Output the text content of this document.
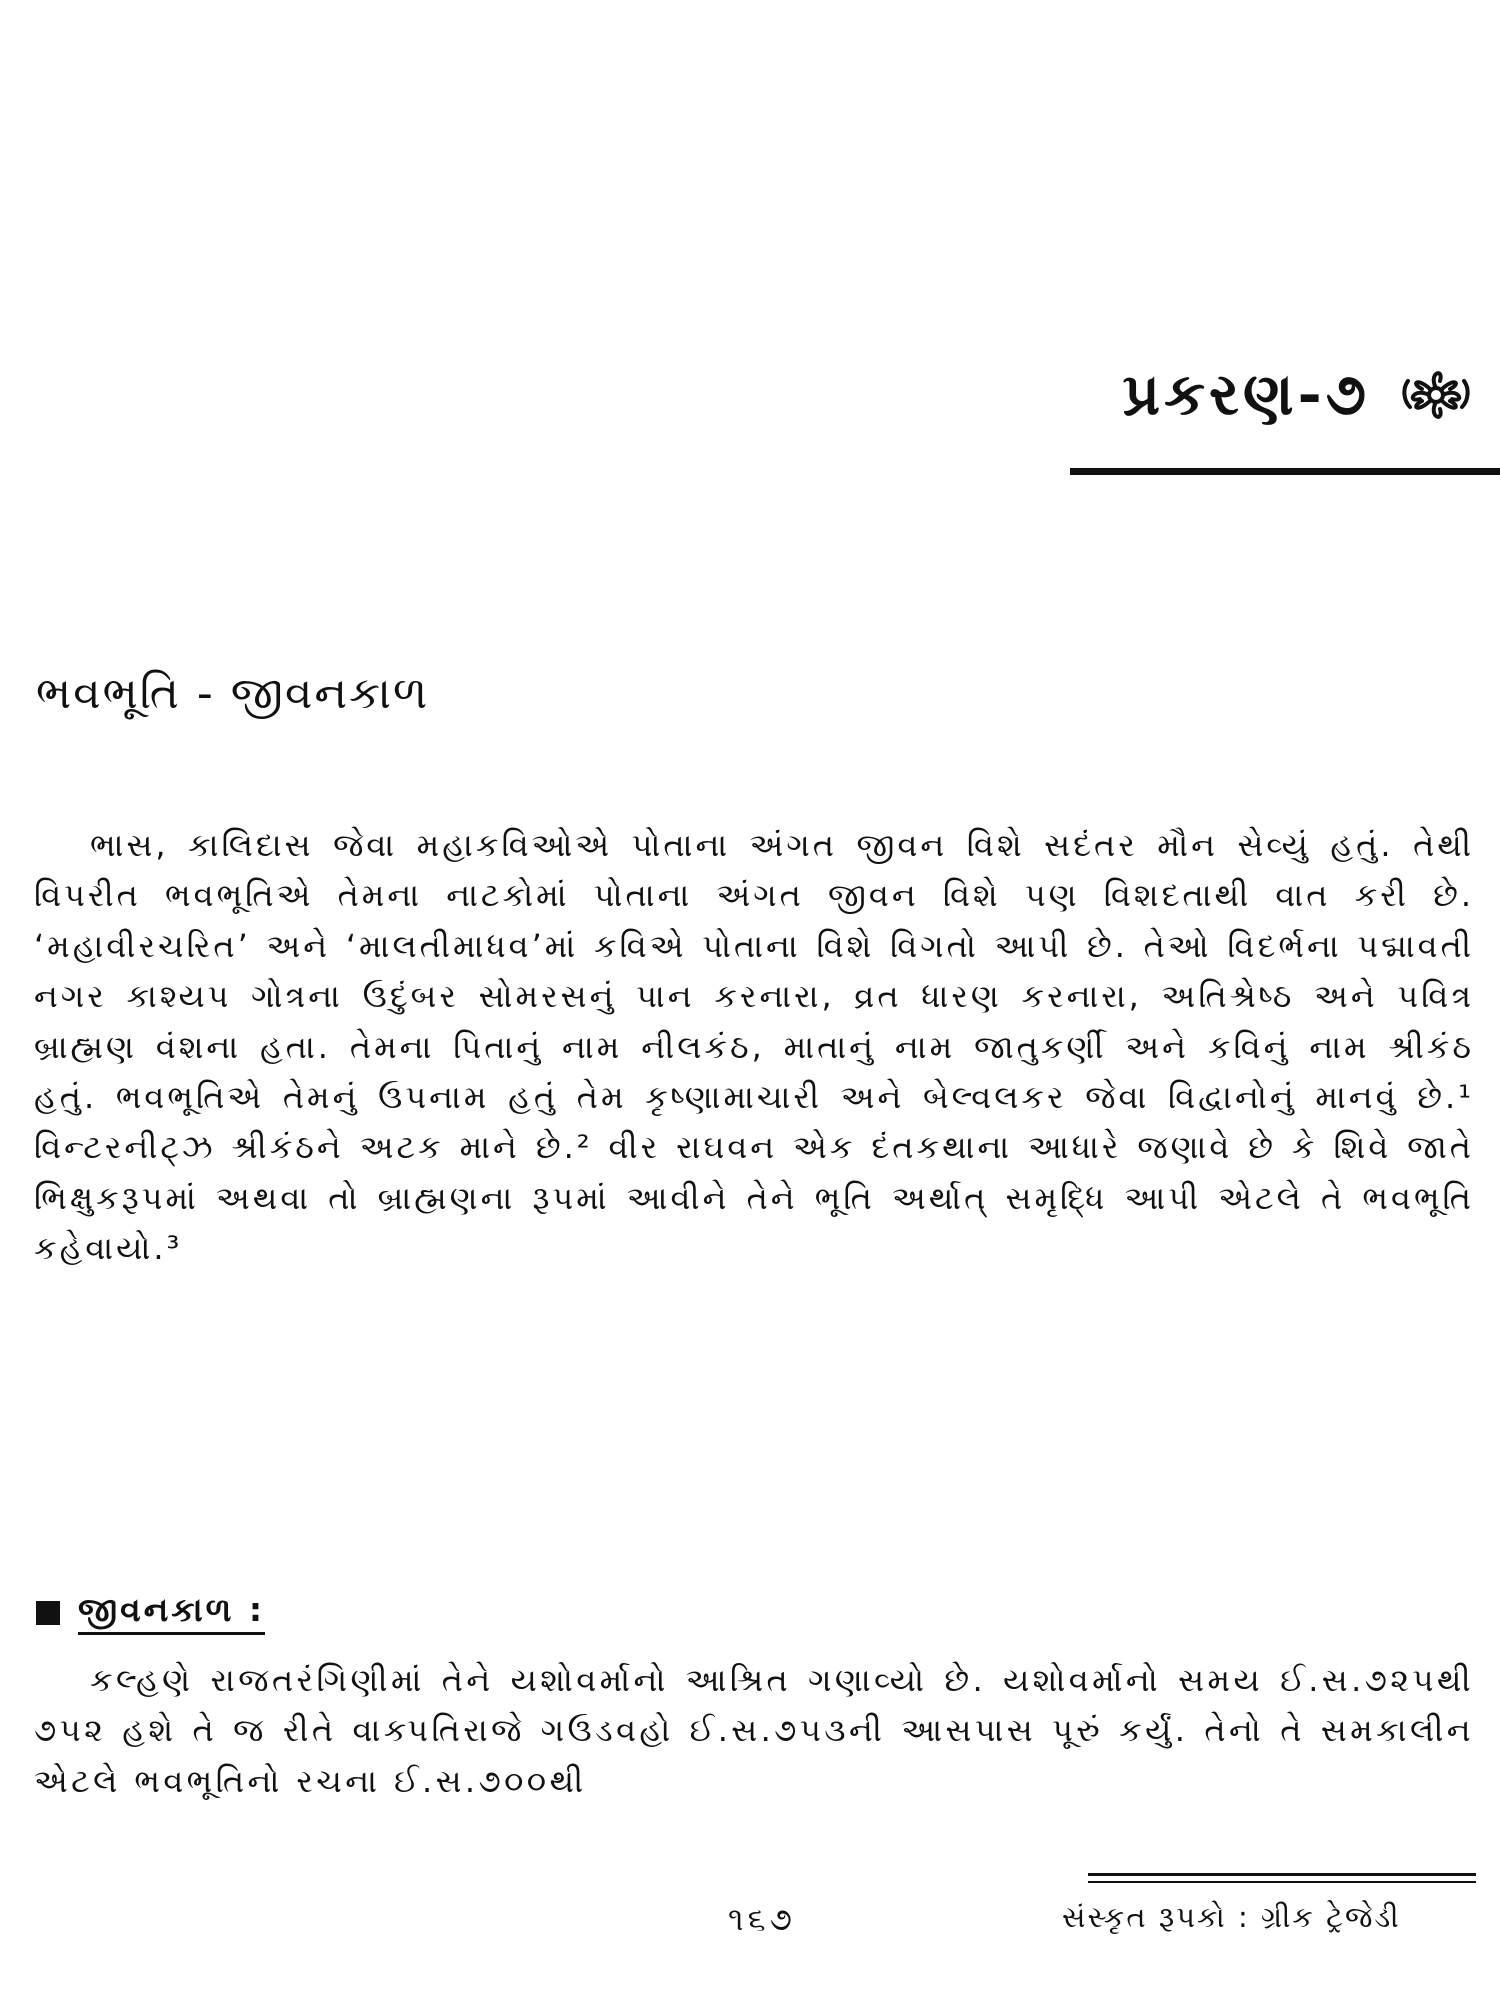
પ્રકરણ-૭
ભવભૂતિ - જીવનકાળ

ભાસ, કાલિદાસ જેવા મહાકવિઓએ પોતાના અંગત જીવન વિશે સદંતર મૌન સેવ્યું હતું. તેથી વિપરીત ભવભૂતિએ તેમના નાટકોમાં પોતાના અંગત જીવન વિશે પણ વિશદતાથી વાત કરી છે. ‘મહાવીરચરિત’ અને ‘માલતીમાધવ’માં કવિએ પોતાના વિશે વિગતો આપી છે. તેઓ વિદર્ભના પદ્માવતી નગર કાશ્યપ ગોત્રના ઉદુંબર સોમરસનું પાન કરનારા, વ્રત ધારણ કરનારા, અતિશ્રેષ્ઠ અને પવિત્ર બ્રાહ્મણ વંશના હતા. તેમના પિતાનું નામ નીલકંઠ, માતાનું નામ જાતુકર્ણી અને કવિનું નામ શ્રીકંઠ હતું. ભવભૂતિએ તેમનું ઉપનામ હતું તેમ કૃષ્ણામાચારી અને બેલ્વલકર જેવા વિદ્વાનોનું માનવું છે.¹ વિન્ટરનીટ્ઝ શ્રીકંઠને અટક માને છે.² વીર રાઘવન એક દંતકથાના આધારે જણાવે છે કે શિવે જાતે ભિક્ષુકરૂપમાં અથવા તો બ્રાહ્મણના રૂપમાં આવીને તેને ભૂતિ અર્થાત્ સમૃદ્ધિ આપી એટલે તે ભવભૂતિ કહેવાયો.³

જીવનકાળ :

કલ્હણે રાજતરંગિણીમાં તેને યશોવર્માનો આશ્રિત ગણાવ્યો છે. યશોવર્માનો સમય ઈ.સ.૭૨૫થી ૭૫૨ હશે તે જ રીતે વાક્પતિરાજે ગઉડવહો ઈ.સ.૭૫૩ની આસપાસ પૂરું કર્યું. તેનો તે સમકાલીન એટલે ભવભૂતિનો રચના ઈ.સ.૭૦૦થી

૧૬૭	સંસ્કૃત રૂપકો : ગ્રીક ટ્રેજેડી
